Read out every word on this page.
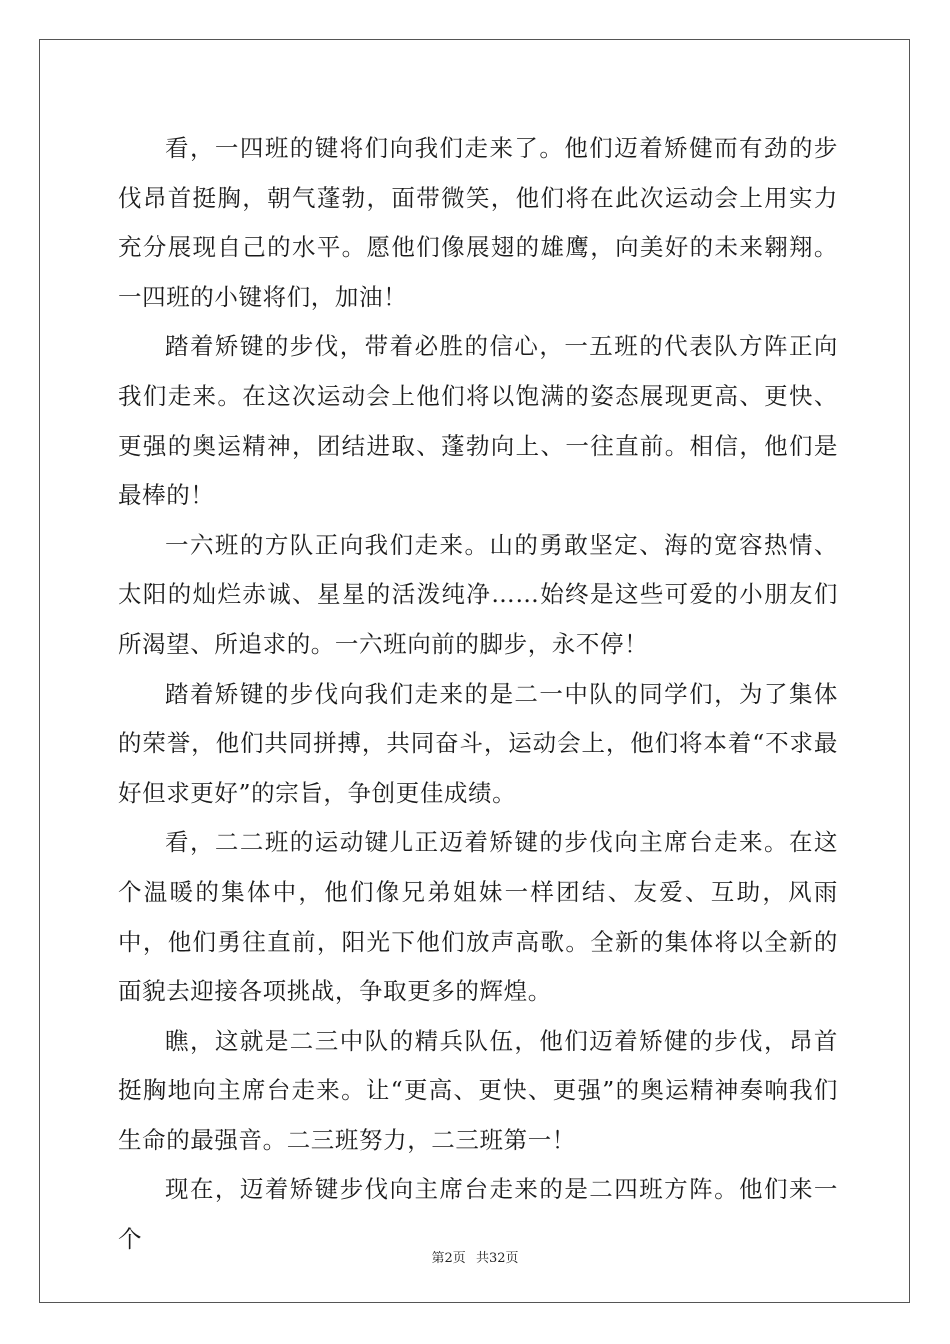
看，一四班的键将们向我们走来了。他们迈着矫健而有劲的步伐昂首挺胸，朝气蓬勃，面带微笑，他们将在此次运动会上用实力充分展现自己的水平。愿他们像展翅的雄鹰，向美好的未来翱翔。一四班的小键将们，加油！

踏着矫键的步伐，带着必胜的信心，一五班的代表队方阵正向我们走来。在这次运动会上他们将以饱满的姿态展现更高、更快、更强的奥运精神，团结进取、蓬勃向上、一往直前。相信，他们是最棒的！

一六班的方队正向我们走来。山的勇敢坚定、海的宽容热情、太阳的灿烂赤诚、星星的活泼纯净……始终是这些可爱的小朋友们所渴望、所追求的。一六班向前的脚步，永不停！

踏着矫键的步伐向我们走来的是二一中队的同学们，为了集体的荣誉，他们共同拼搏，共同奋斗，运动会上，他们将本着“不求最好但求更好”的宗旨，争创更佳成绩。

看，二二班的运动键儿正迈着矫键的步伐向主席台走来。在这个温暖的集体中，他们像兄弟姐妹一样团结、友爱、互助，风雨中，他们勇往直前，阳光下他们放声高歌。全新的集体将以全新的面貌去迎接各项挑战，争取更多的辉煌。

瞧，这就是二三中队的精兵队伍，他们迈着矫健的步伐，昂首挺胸地向主席台走来。让“更高、更快、更强”的奥运精神奏响我们生命的最强音。二三班努力，二三班第一！

现在，迈着矫键步伐向主席台走来的是二四班方阵。他们来一个

第2页 共32页
